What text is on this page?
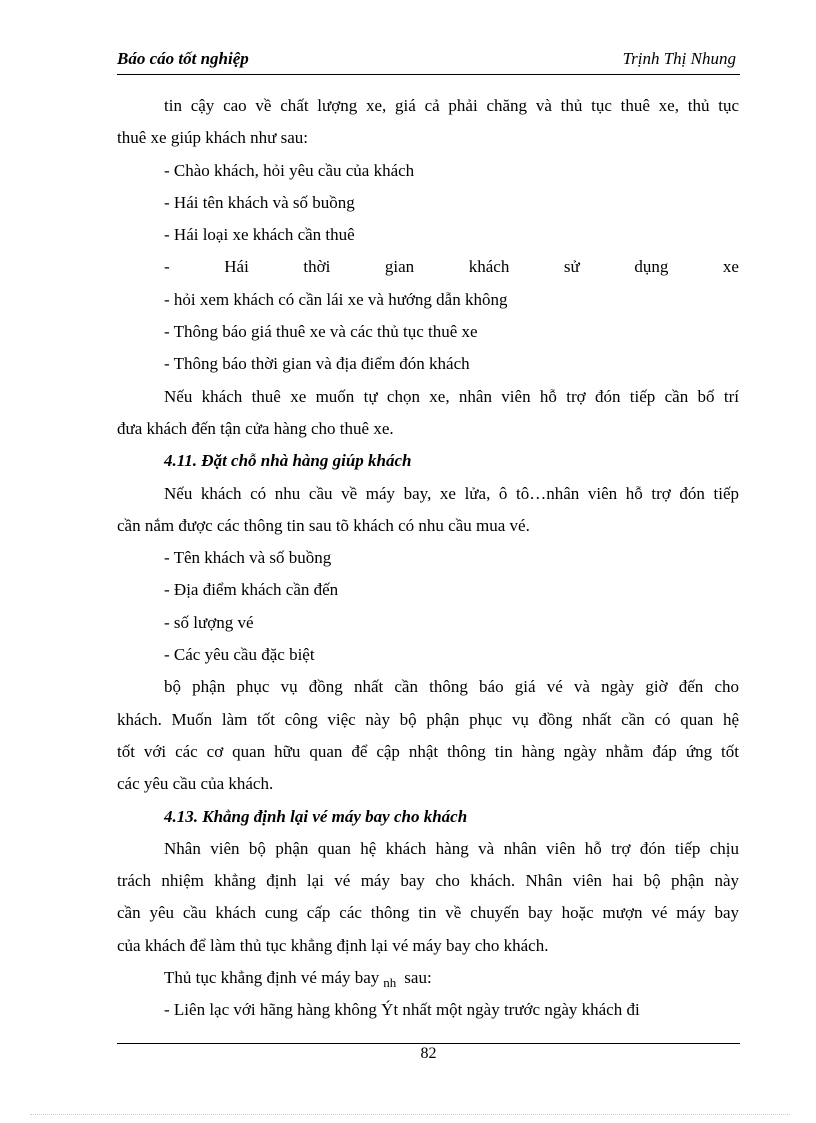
Báo cáo tốt nghiệp	Trịnh Thị Nhung
tin cậy cao về chất lượng xe, giá cả phải chăng và thủ tục thuê xe, thủ tục
thuê xe giúp khách như sau:
- Chào khách, hỏi yêu cầu của khách
- Hái tên khách và số buồng
- Hái loại xe khách cần thuê
-	Hái	thời	gian	khách	sử	dụng	xe
- hỏi xem khách có cần lái xe và hướng dẫn không
- Thông báo giá thuê xe và các thủ tục thuê xe
- Thông báo thời gian và địa điểm đón khách
Nếu khách thuê xe muốn tự chọn xe, nhân viên hỗ trợ đón tiếp cần bố trí
đưa khách đến tận cửa hàng cho thuê xe.
4.11. Đặt chỗ nhà hàng giúp khách
Nếu khách có nhu cầu về máy bay, xe lửa, ô tô…nhân viên hỗ trợ đón tiếp
cần nắm được các thông tin sau tõ khách có nhu cầu mua vé.
- Tên khách và số buồng
- Địa điểm khách cần đến
- số lượng vé
- Các yêu cầu đặc biệt
bộ phận phục vụ đồng nhất cần thông báo giá vé và ngày giờ đến cho
khách. Muốn làm tốt công việc này bộ phận phục vụ đồng nhất cần có quan hệ
tốt với các cơ quan hữu quan để cập nhật thông tin hàng ngày nhằm đáp ứng tốt
các yêu cầu của khách.
4.13. Khẳng định lại vé máy bay cho khách
Nhân viên bộ phận quan hệ khách hàng và nhân viên hỗ trợ đón tiếp chịu
trách nhiệm khẳng định lại vé máy bay cho khách. Nhân viên hai bộ phận này
cần yêu cầu khách cung cấp các thông tin về chuyến bay hoặc mượn vé máy bay
của khách để làm thủ tục khẳng định lại vé máy bay cho khách.
Thủ tục khẳng định vé máy bay $_{nh}$ sau:
- Liên lạc với hãng hàng không Ýt nhất một ngày trước ngày khách đi
82
